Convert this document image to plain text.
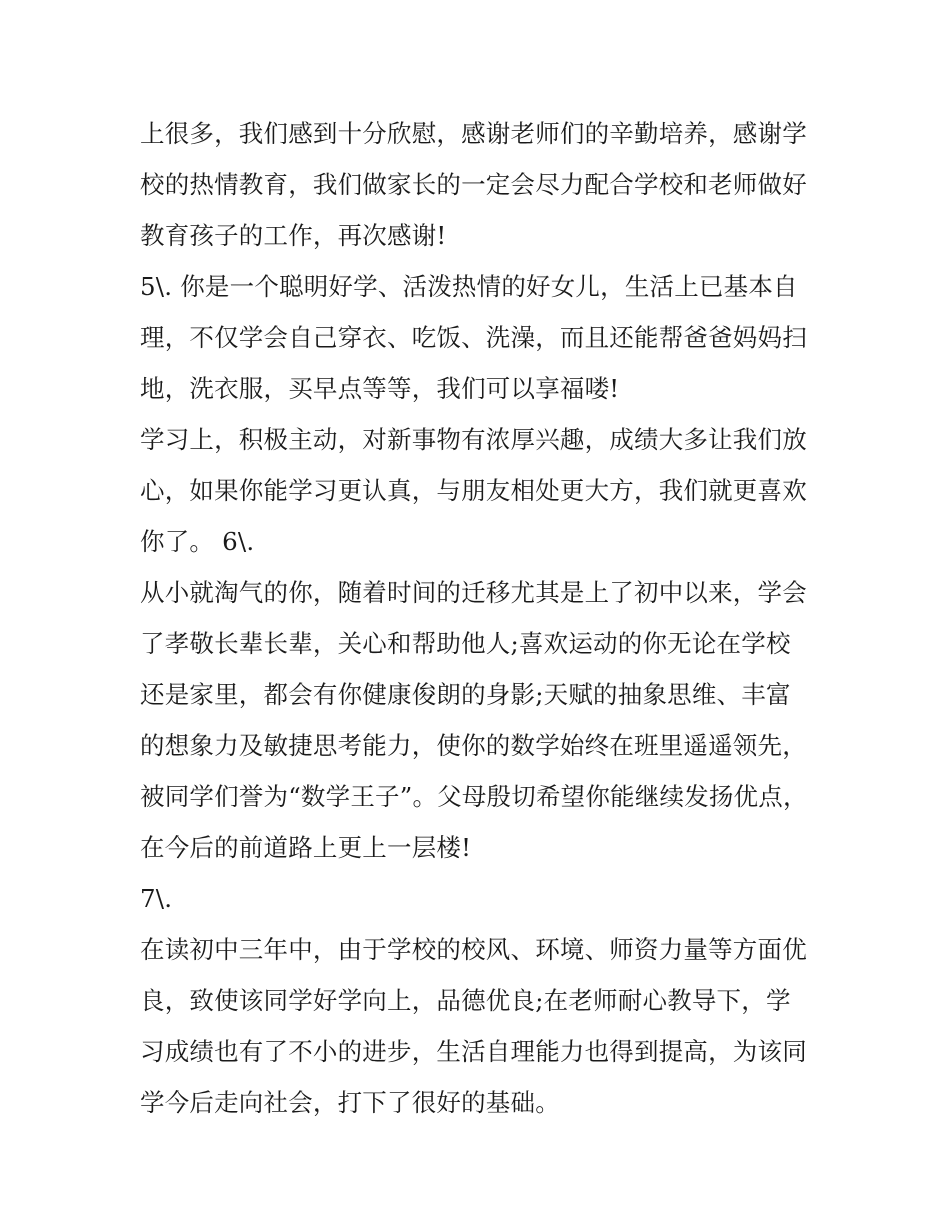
上很多，我们感到十分欣慰，感谢老师们的辛勤培养，感谢学
校的热情教育，我们做家长的一定会尽力配合学校和老师做好
教育孩子的工作，再次感谢!
5\. 你是一个聪明好学、活泼热情的好女儿，生活上已基本自
理，不仅学会自己穿衣、吃饭、洗澡，而且还能帮爸爸妈妈扫
地，洗衣服，买早点等等，我们可以享福喽!
学习上，积极主动，对新事物有浓厚兴趣，成绩大多让我们放
心，如果你能学习更认真，与朋友相处更大方，我们就更喜欢
你了。 6\.
从小就淘气的你，随着时间的迁移尤其是上了初中以来，学会
了孝敬长辈长辈，关心和帮助他人;喜欢运动的你无论在学校
还是家里，都会有你健康俊朗的身影;天赋的抽象思维、丰富
的想象力及敏捷思考能力，使你的数学始终在班里遥遥领先，
被同学们誉为“数学王子”。父母殷切希望你能继续发扬优点，
在今后的前道路上更上一层楼!
7\.
在读初中三年中，由于学校的校风、环境、师资力量等方面优
良，致使该同学好学向上，品德优良;在老师耐心教导下，学
习成绩也有了不小的进步，生活自理能力也得到提高，为该同
学今后走向社会，打下了很好的基础。
